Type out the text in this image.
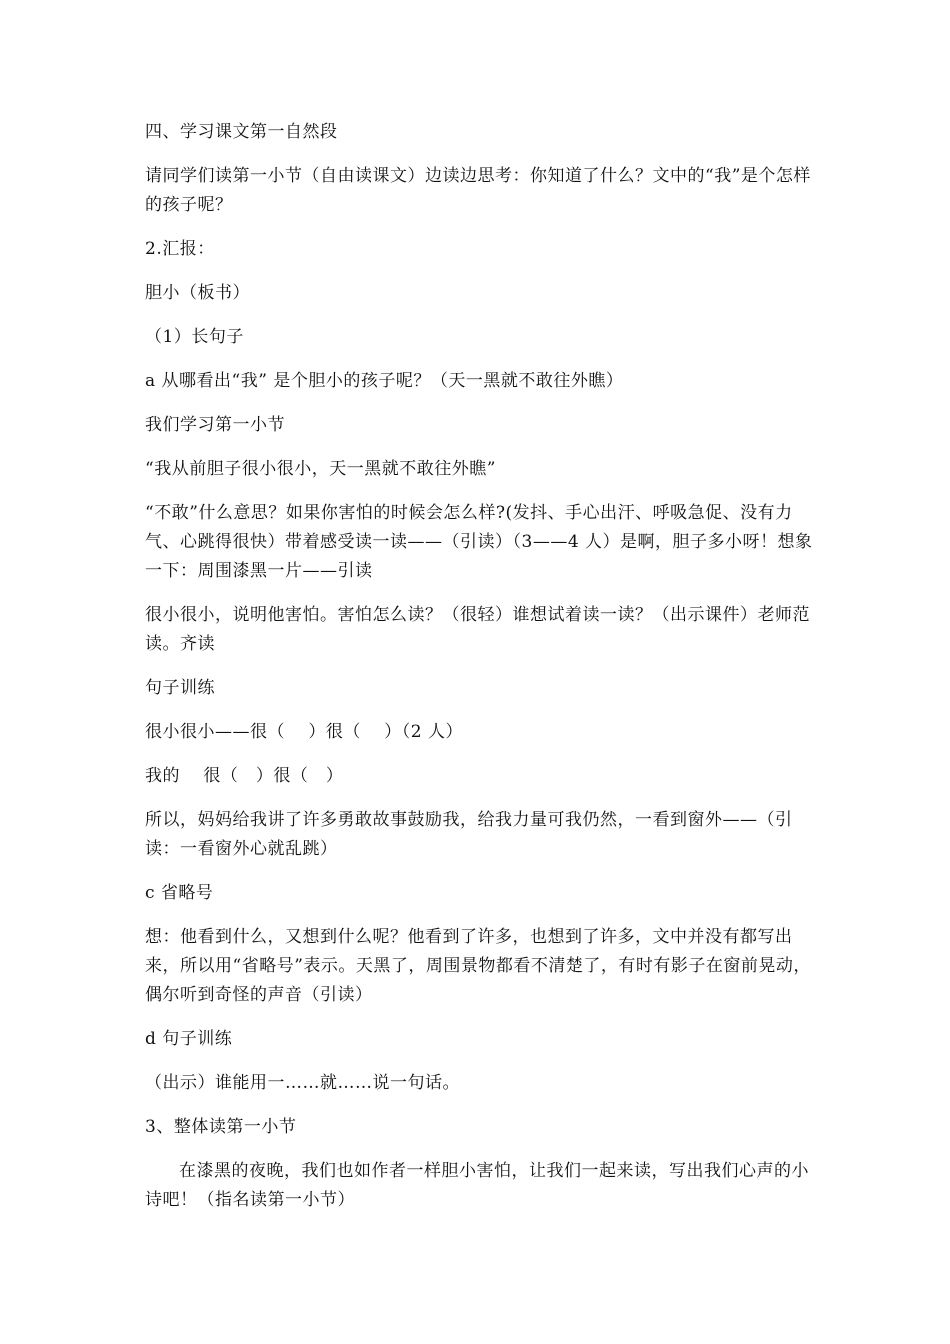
四、学习课文第一自然段

请同学们读第一小节（自由读课文）边读边思考：你知道了什么？文中的“我”是个怎样的孩子呢？

2.汇报：

胆小（板书）

（1）长句子

a 从哪看出“我” 是个胆小的孩子呢？（天一黑就不敢往外瞧）

我们学习第一小节

“我从前胆子很小很小，天一黑就不敢往外瞧”

“不敢”什么意思？如果你害怕的时候会怎么样?(发抖、手心出汗、呼吸急促、没有力气、心跳得很快）带着感受读一读——（引读）（3——4 人）是啊，胆子多小呀！想象一下：周围漆黑一片——引读

很小很小，说明他害怕。害怕怎么读？（很轻）谁想试着读一读？（出示课件）老师范读。齐读

句子训练

很小很小——很（　 ）很（　 ）（2 人）

我的　 很（　）很（　）

所以，妈妈给我讲了许多勇敢故事鼓励我，给我力量可我仍然，一看到窗外——（引读：一看窗外心就乱跳）

c 省略号

想：他看到什么，又想到什么呢？他看到了许多，也想到了许多，文中并没有都写出来，所以用“省略号”表示。天黑了，周围景物都看不清楚了，有时有影子在窗前晃动，偶尔听到奇怪的声音（引读）

d 句子训练

（出示）谁能用一……就……说一句话。

3、整体读第一小节

在漆黑的夜晚，我们也如作者一样胆小害怕，让我们一起来读，写出我们心声的小诗吧！（指名读第一小节）
